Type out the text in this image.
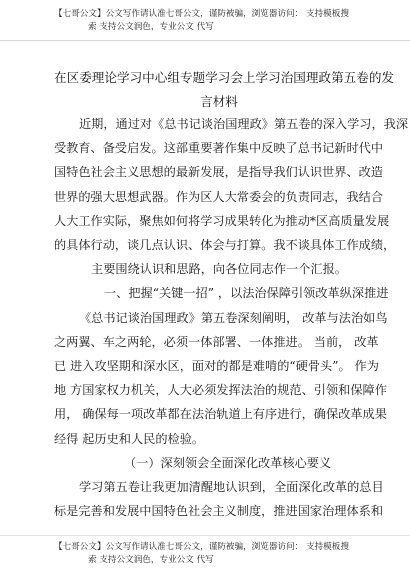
【七哥公文】公文写作请认准七哥公文，谨防被骗，浏览器访问： 支持模板搜
索 支持公文润色，专业公文 代写
在区委理论学习中心组专题学习会上学习治国理政第五卷的发
言材料

近期，通过对《总书记谈治国理政》第五卷的深入学习，我深
受教育、备受启发。这部重要著作集中反映了总书记新时代中
国特色社会主义思想的最新发展，是指导我们认识世界、改造
世界的强大思想武器。作为区人大常委会的负责同志，我结合
人大工作实际，聚焦如何将学习成果转化为推动*区高质量发展
的具体行动，谈几点认识、体会与打算。我不谈具体工作成绩，
主要围绕认识和思路，向各位同志作一个汇报。

一、把握“关键一招” ，以法治保障引领改革纵深推进

《总书记谈治国理政》第五卷深刻阐明， 改革与法治如鸟
之两翼、车之两轮，必须一体部署、一体推进。 当前， 改革
已 进入攻坚期和深水区，面对的都是难啃的“硬骨头”。 作为
地 方国家权力机关，人大必须发挥法治的规范、引领和保障作
用， 确保每一项改革都在法治轨道上有序进行，确保改革成果
经得 起历史和人民的检验。

（一）深刻领会全面深化改革核心要义

学习第五卷让我更加清醒地认识到，全面深化改革的总目
标是完善和发展中国特色社会主义制度，推进国家治理体系和

【七哥公文】公文写作请认准七哥公文，谨防被骗，浏览器访问： 支持模板搜
索 支持公文润色，专业公文 代写
